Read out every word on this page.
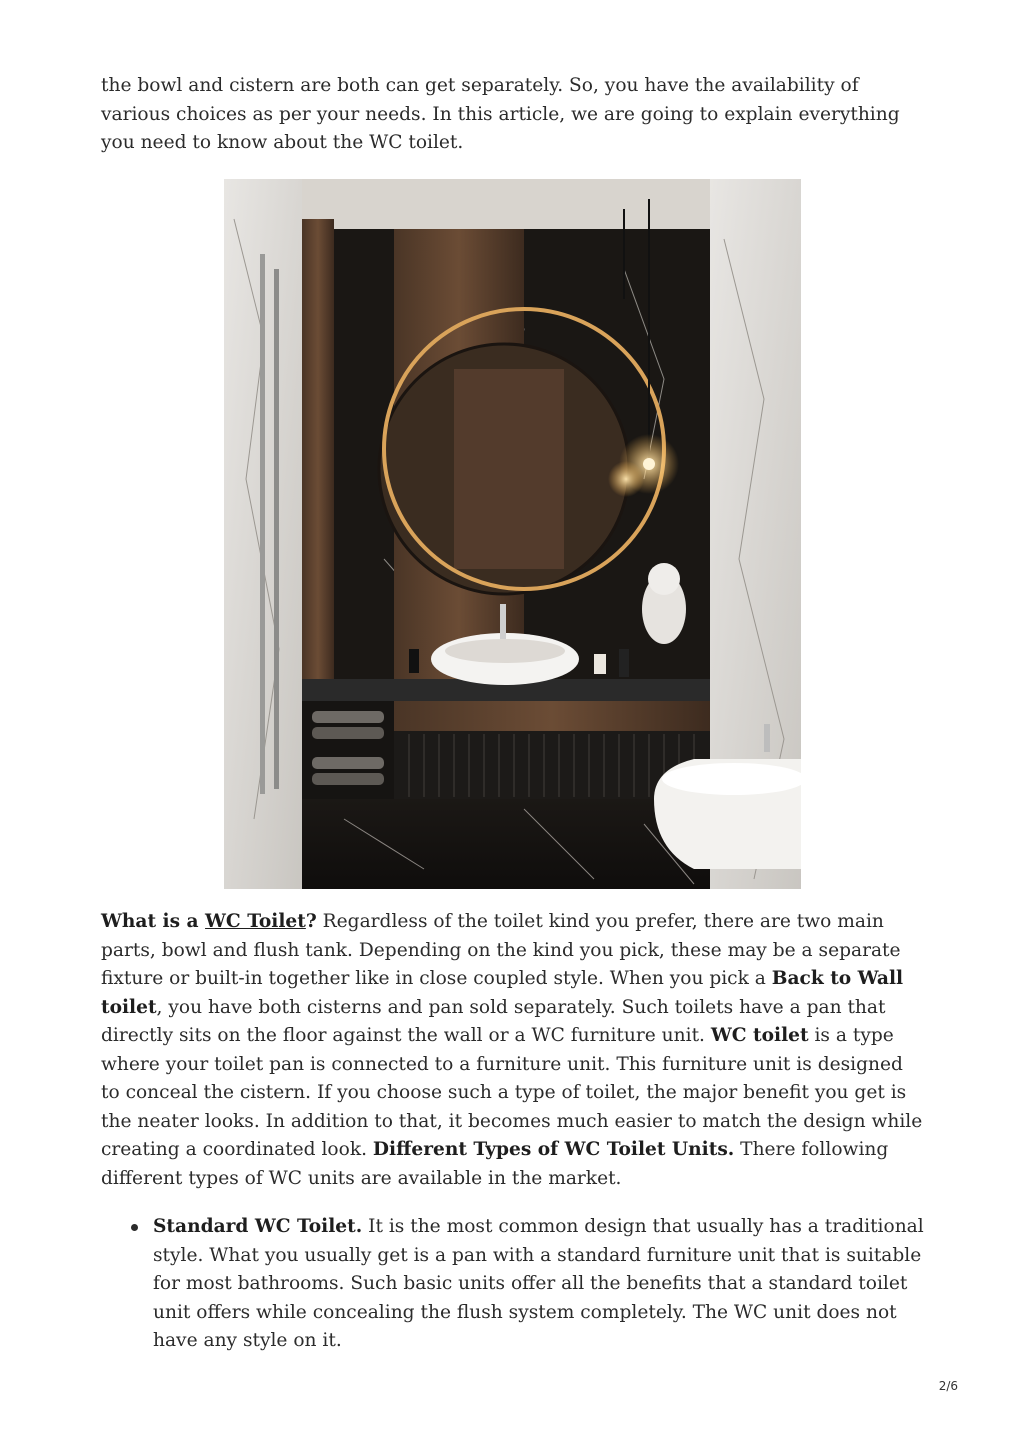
the bowl and cistern are both can get separately. So, you have the availability of various choices as per your needs. In this article, we are going to explain everything you need to know about the WC toilet.

What is a WC Toilet? Regardless of the toilet kind you prefer, there are two main parts, bowl and flush tank. Depending on the kind you pick, these may be a separate fixture or built-in together like in close coupled style. When you pick a Back to Wall toilet, you have both cisterns and pan sold separately. Such toilets have a pan that directly sits on the floor against the wall or a WC furniture unit. WC toilet is a type where your toilet pan is connected to a furniture unit. This furniture unit is designed to conceal the cistern. If you choose such a type of toilet, the major benefit you get is the neater looks. In addition to that, it becomes much easier to match the design while creating a coordinated look. Different Types of WC Toilet Units. There following different types of WC units are available in the market.

Standard WC Toilet. It is the most common design that usually has a traditional style. What you usually get is a pan with a standard furniture unit that is suitable for most bathrooms. Such basic units offer all the benefits that a standard toilet unit offers while concealing the flush system completely. The WC unit does not have any style on it.
2/6
